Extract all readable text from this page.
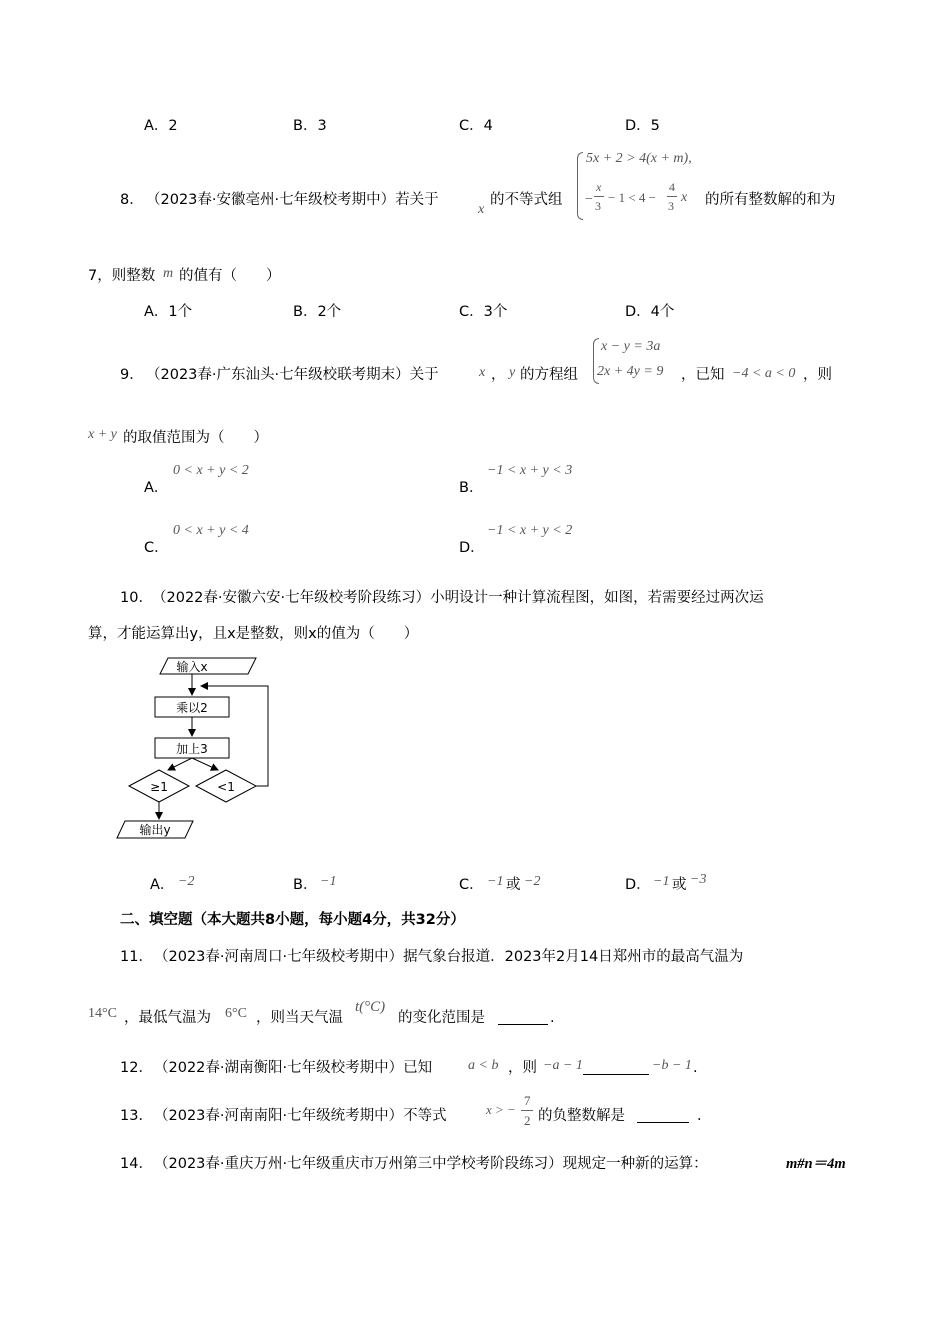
A．2	B．3	C．4	D．5
8． （2023春·安徽亳州·七年级校考期中）若关于
x
的不等式组
5x + 2 > 4(x + m),
−
x
3
− 1 < 4 −
4
3
x 的所有整数解的和为
7，则整数 m 的值有（　　）
A．1个	B．2个	C．3个	D．4个
9． （2023春·广东汕头·七年级校联考期末）关于	x ， y 的方程组
x − y = 3a
2x + 4y = 9 ，已知 −4 < a < 0 ，则
x + y 的取值范围为（　　）
0 < x + y < 2
A．
−1 < x + y < 3
B．
0 < x + y < 4
C．
−1 < x + y < 2
D．
10． （2022春·安徽六安·七年级校考阶段练习）小明设计一种计算流程图，如图，若需要经过两次运
算，才能运算出y，且x是整数，则x的值为（　　）
输入x
乘以2
加上3
≥1	<1
输出y
A． −2	B． −1	C． −1 或 −2	D． −1 或 −3
二、填空题（本大题共8小题，每小题4分，共32分）
11． （2023春·河南周口·七年级校考期中）据气象台报道．2023年2月14日郑州市的最高气温为
14°C ，最低气温为 6°C ，则当天气温
t(°C)
的变化范围是	.
12． （2022春·湖南衡阳·七年级校考期中）已知	a < b ，则 −a − 1	−b − 1 .
13． （2023春·河南南阳·七年级统考期中）不等式	x > −
7
2 的负整数解是	．
14． （2023春·重庆万州·七年级重庆市万州第三中学校考阶段练习）现规定一种新的运算：	m#n＝4m
